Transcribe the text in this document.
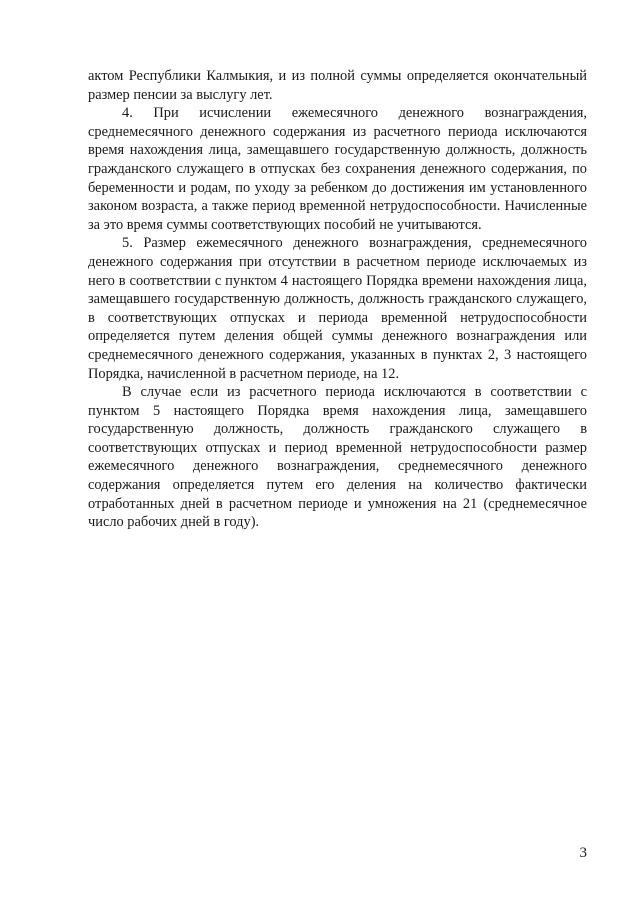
актом Республики Калмыкия, и из полной суммы определяется окончательный размер пенсии за выслугу лет.

4. При исчислении ежемесячного денежного вознаграждения, среднемесячного денежного содержания из расчетного периода исключаются время нахождения лица, замещавшего государственную должность, должность гражданского служащего в отпусках без сохранения денежного содержания, по беременности и родам, по уходу за ребенком до достижения им установленного законом возраста, а также период временной нетрудоспособности. Начисленные за это время суммы соответствующих пособий не учитываются.

5. Размер ежемесячного денежного вознаграждения, среднемесячного денежного содержания при отсутствии в расчетном периоде исключаемых из него в соответствии с пунктом 4 настоящего Порядка времени нахождения лица, замещавшего государственную должность, должность гражданского служащего, в соответствующих отпусках и периода временной нетрудоспособности определяется путем деления общей суммы денежного вознаграждения или среднемесячного денежного содержания, указанных в пунктах 2, 3 настоящего Порядка, начисленной в расчетном периоде, на 12.

В случае если из расчетного периода исключаются в соответствии с пунктом 5 настоящего Порядка время нахождения лица, замещавшего государственную должность, должность гражданского служащего в соответствующих отпусках и период временной нетрудоспособности размер ежемесячного денежного вознаграждения, среднемесячного денежного содержания определяется путем его деления на количество фактически отработанных дней в расчетном периоде и умножения на 21 (среднемесячное число рабочих дней в году).

3
